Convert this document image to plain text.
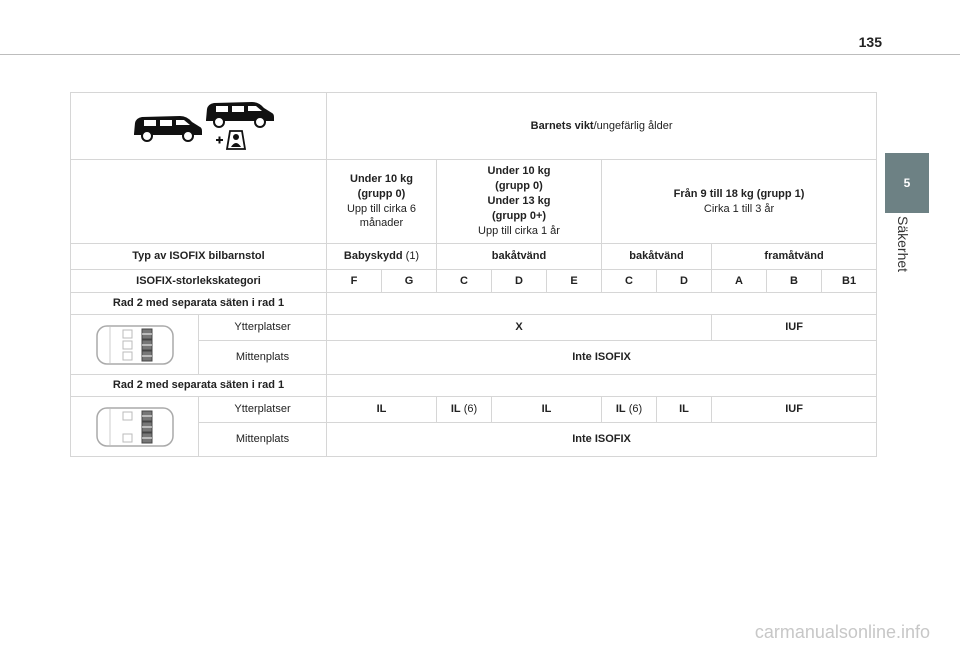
135
5
Säkerhet
	Barnets vikt/ungefärlig ålder									
		Under 10 kg
(grupp 0)
Upp till cirka 6
månader		Under 10 kg
(grupp 0)
Under 13 kg
(grupp 0+)
Upp till cirka 1 år			Från 9 till 18 kg (grupp 1)
Cirka 1 till 3 år				
Typ av ISOFIX bilbarnstol		Babyskydd (1)		bakåtvänd			bakåtvänd		framåtvänd		
ISOFIX-storlekskategori		F	G	C	D	E	C	D	A	B	B1
Rad 2 med separata säten i rad 1											

	Ytterplatser	X							IUF		
	Mittenplats	Inte ISOFIX									
Rad 2 med separata säten i rad 1											

	Ytterplatser	IL		IL (6)	IL		IL (6)	IL	IUF		
	Mittenplats	Inte ISOFIX									
carmanualsonline.info
